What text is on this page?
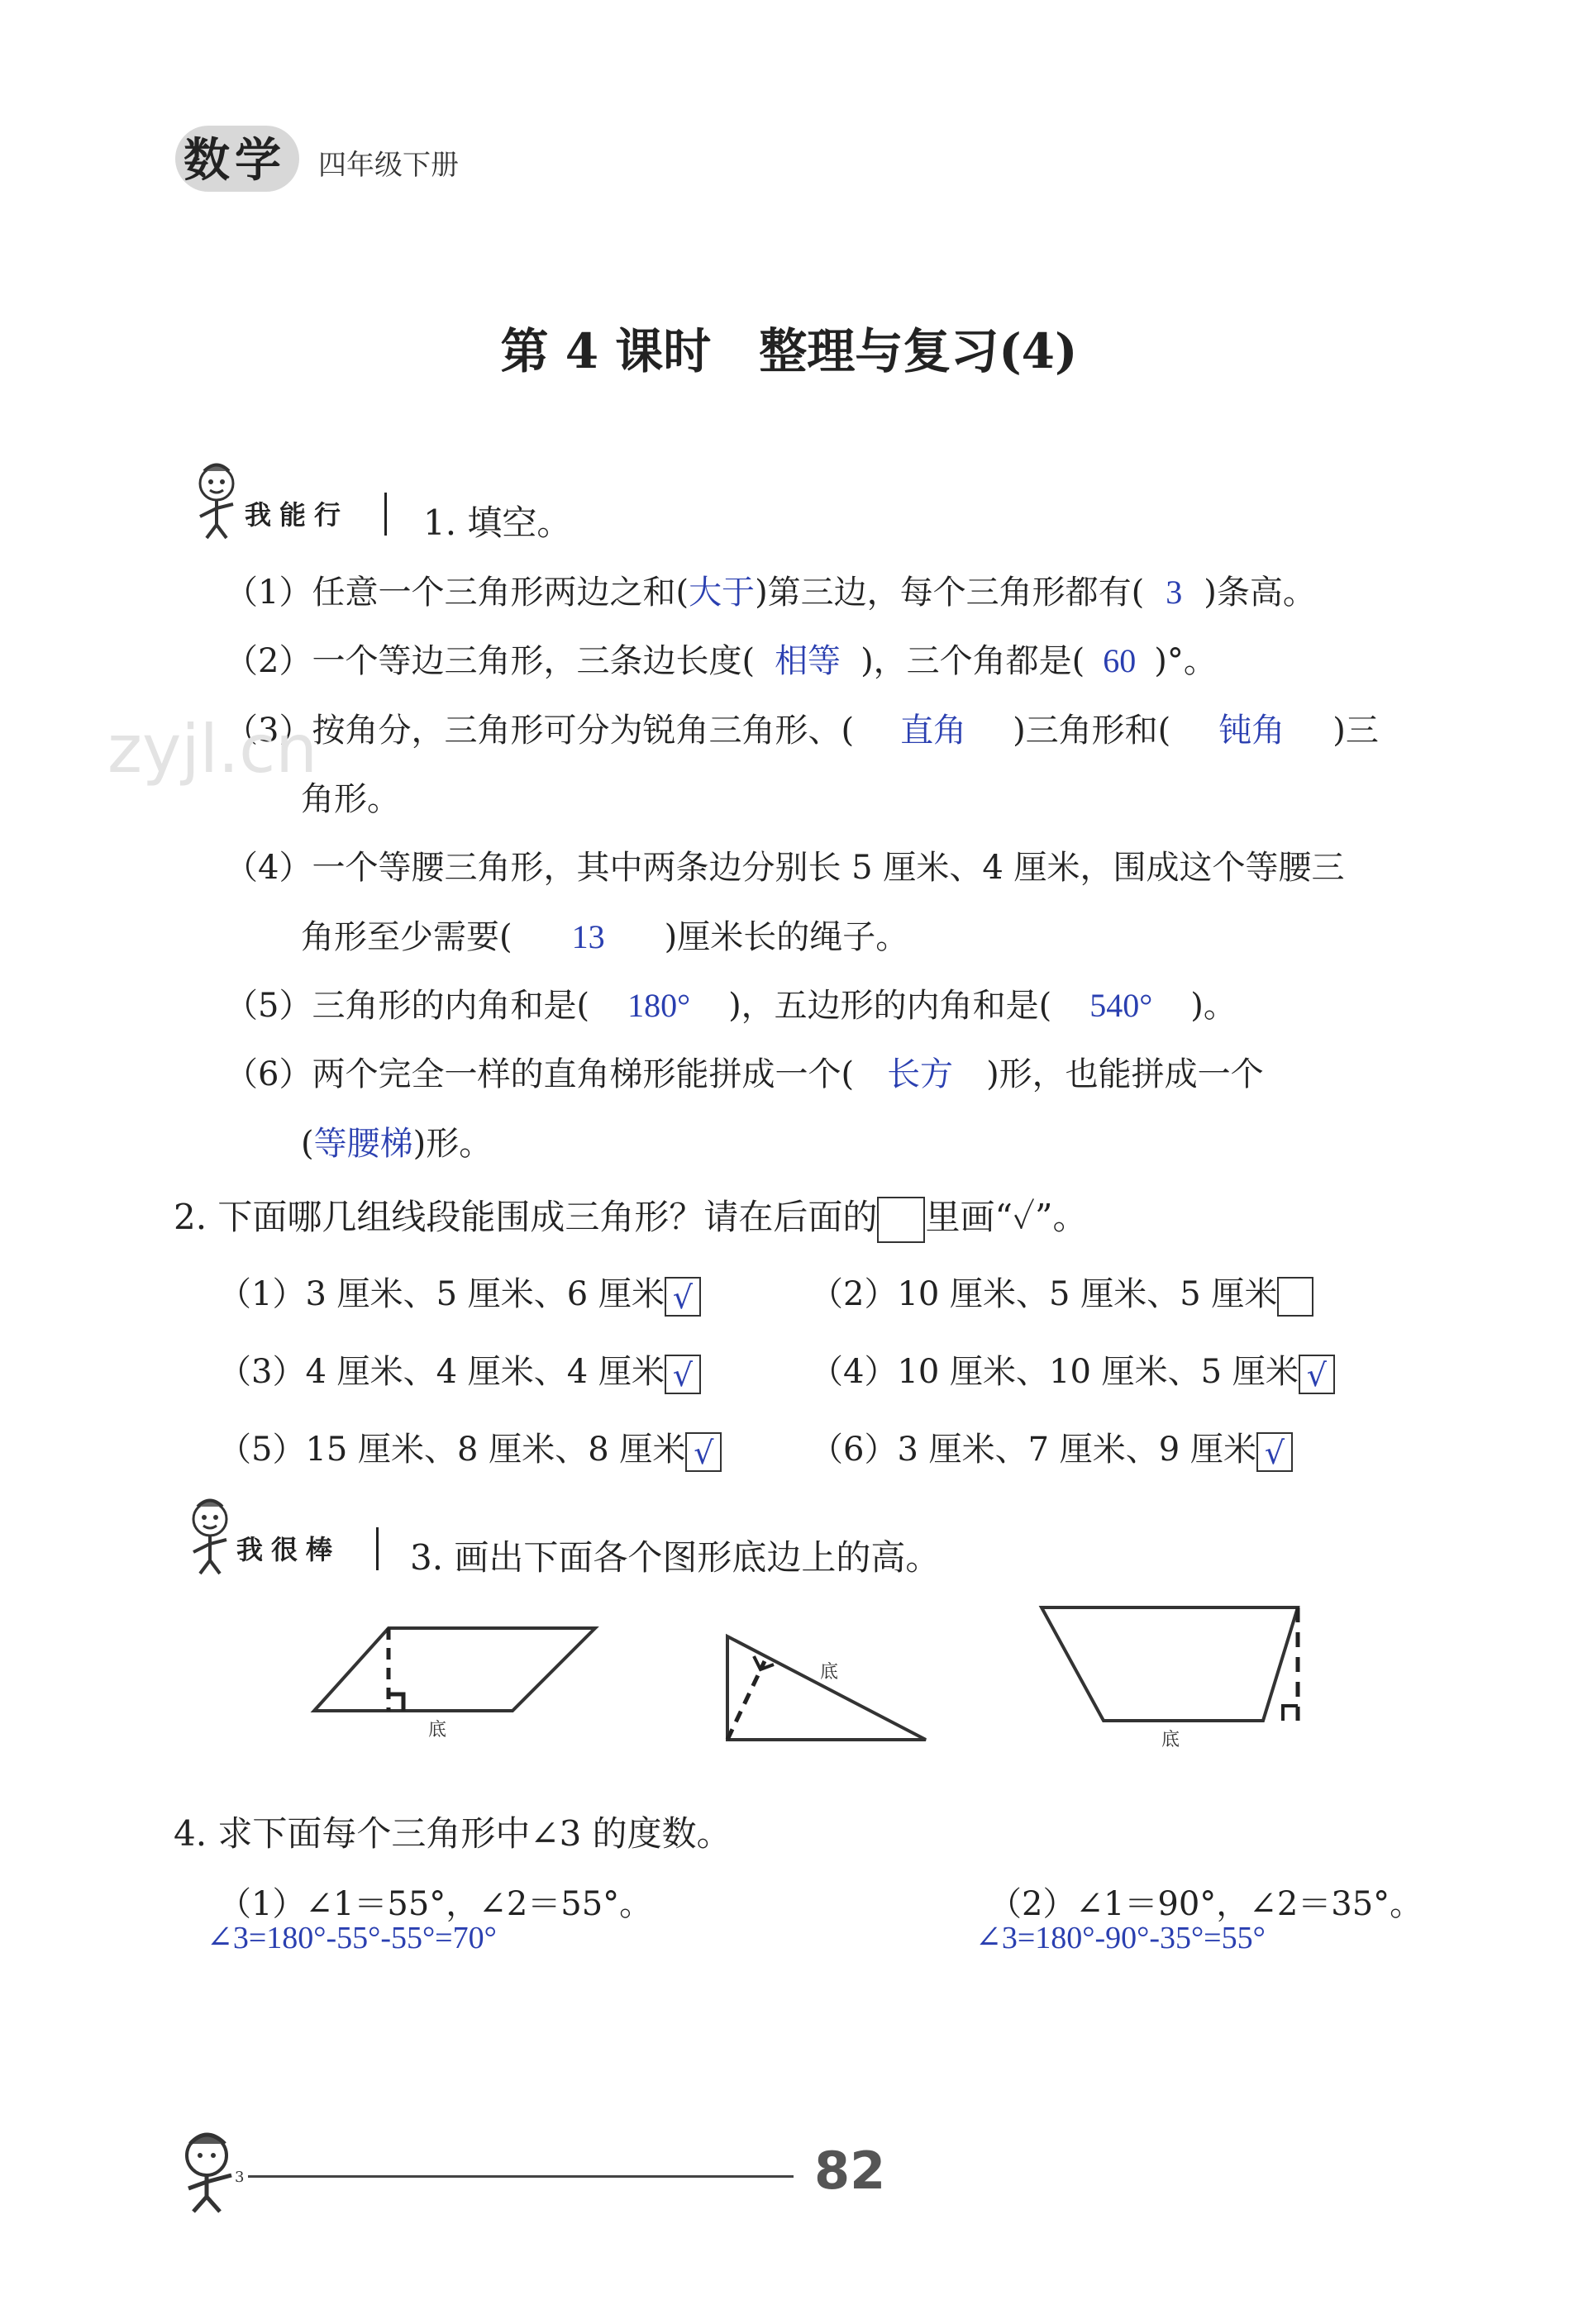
数学 四年级下册
第 4 课时　整理与复习(4)
我能行 1. 填空。
（1）任意一个三角形两边之和(大于)第三边，每个三角形都有( 3 )条高。
（2）一个等边三角形，三条边长度( 相等 )，三个角都是( 60 )°。
（3）按角分，三角形可分为锐角三角形、( 直角 )三角形和( 钝角 )三
角形。
（4）一个等腰三角形，其中两条边分别长 5 厘米、4 厘米，围成这个等腰三
角形至少需要( 13 )厘米长的绳子。
（5）三角形的内角和是( 180° )，五边形的内角和是( 540° )。
（6）两个完全一样的直角梯形能拼成一个( 长方 )形，也能拼成一个
(等腰梯)形。
2. 下面哪几组线段能围成三角形？请在后面的 里画“✓”。
（1）3 厘米、5 厘米、6 厘米 √	（2）10 厘米、5 厘米、5 厘米
（3）4 厘米、4 厘米、4 厘米 √	（4）10 厘米、10 厘米、5 厘米 √
（5）15 厘米、8 厘米、8 厘米 √	（6）3 厘米、7 厘米、9 厘米 √
我很棒 3. 画出下面各个图形底边上的高。
底
底
底
4. 求下面每个三角形中∠3 的度数。
（1）∠1＝55°，∠2＝55°。	（2）∠1＝90°，∠2＝35°。
∠3=180°-55°-55°=70°	∠3=180°-90°-35°=55°
zyjl.cn
3	82
